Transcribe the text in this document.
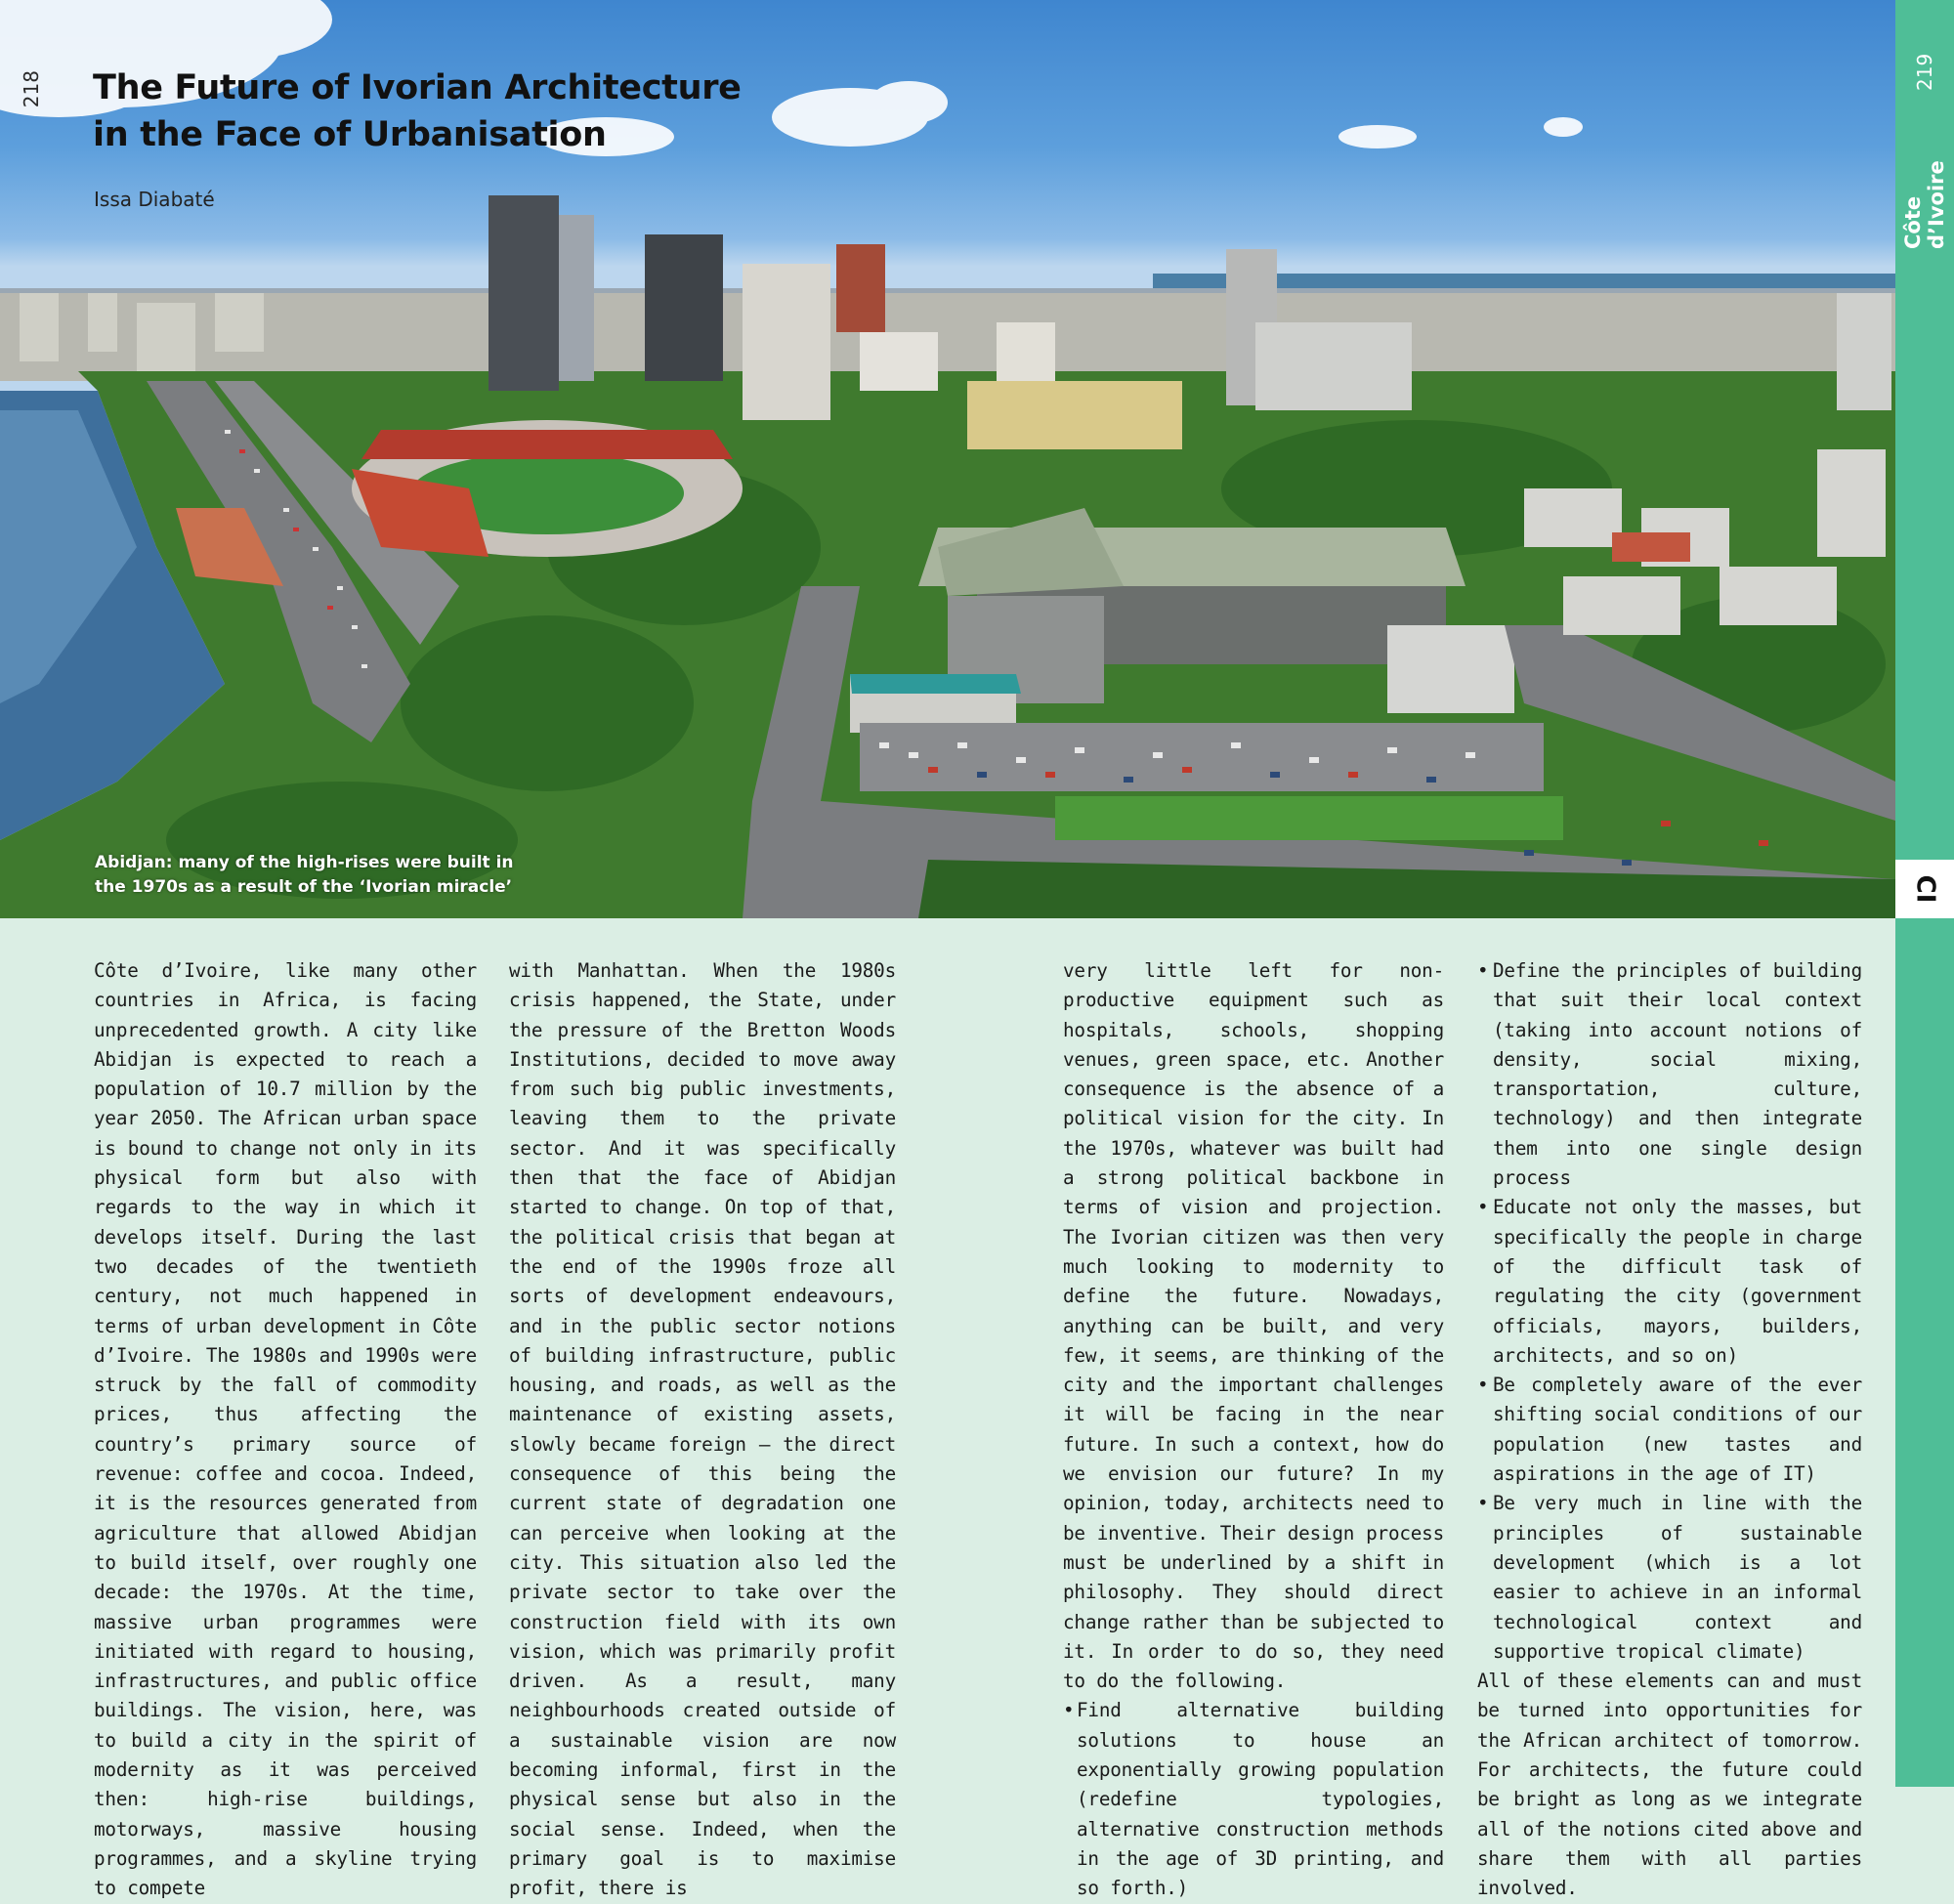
218 The Future of Ivorian Architecture
in the Face of Urbanisation
Issa Diabaté
Abidjan: many of the high-rises were built in
the 1970s as a result of the ‘Ivorian miracle’
Côte d’Ivoire
219
CI

Côte d’Ivoire, like many other countries in Africa, is facing unprecedented growth. A city like Abidjan is expected to reach a population of 10.7 million by the year 2050. The African urban space is bound to change not only in its physical form but also with regards to the way in which it develops itself. During the last two decades of the twentieth century, not much happened in terms of urban development in Côte d’Ivoire. The 1980s and 1990s were struck by the fall of commodity prices, thus affecting the country’s primary source of revenue: coffee and cocoa. Indeed, it is the resources generated from agriculture that allowed Abidjan to build itself, over roughly one decade: the 1970s. At the time, massive urban programmes were initiated with regard to housing, infrastructures, and public office buildings. The vision, here, was to build a city in the spirit of modernity as it was perceived then: high-rise buildings, motorways, massive housing programmes, and a skyline trying to compete

with Manhattan. When the 1980s crisis happened, the State, under the pressure of the Bretton Woods Institutions, decided to move away from such big public investments, leaving them to the private sector. And it was specifically then that the face of Abidjan started to change. On top of that, the political crisis that began at the end of the 1990s froze all sorts of development endeavours, and in the public sector notions of building infrastructure, public housing, and roads, as well as the maintenance of existing assets, slowly became foreign – the direct consequence of this being the current state of degradation one can perceive when looking at the city. This situation also led the private sector to take over the construction field with its own vision, which was primarily profit driven. As a result, many neighbourhoods created outside of a sustainable vision are now becoming informal, first in the physical sense but also in the social sense. Indeed, when the primary goal is to maximise profit, there is

very little left for non-productive equipment such as hospitals, schools, shopping venues, green space, etc. Another consequence is the absence of a political vision for the city. In the 1970s, whatever was built had a strong political backbone in terms of vision and projection. The Ivorian citizen was then very much looking to modernity to define the future. Nowadays, anything can be built, and very few, it seems, are thinking of the city and the important challenges it will be facing in the near future. In such a context, how do we envision our future? In my opinion, today, architects need to be inventive. Their design process must be underlined by a shift in philosophy. They should direct change rather than be subjected to it. In order to do so, they need to do the following.

• Find alternative building solutions to house an exponentially growing population (redefine typologies, alternative construction methods in the age of 3D printing, and so forth.)
• Define the principles of building that suit their local context (taking into account notions of density, social mixing, transportation, culture, technology) and then integrate them into one single design process
• Educate not only the masses, but specifically the people in charge of the difficult task of regulating the city (government officials, mayors, builders, architects, and so on)
• Be completely aware of the ever shifting social conditions of our population (new tastes and aspirations in the age of IT)
• Be very much in line with the principles of sustainable development (which is a lot easier to achieve in an informal technological context and supportive tropical climate)

All of these elements can and must be turned into opportunities for the African architect of tomorrow. For architects, the future could be bright as long as we integrate all of the notions cited above and share them with all parties involved.
